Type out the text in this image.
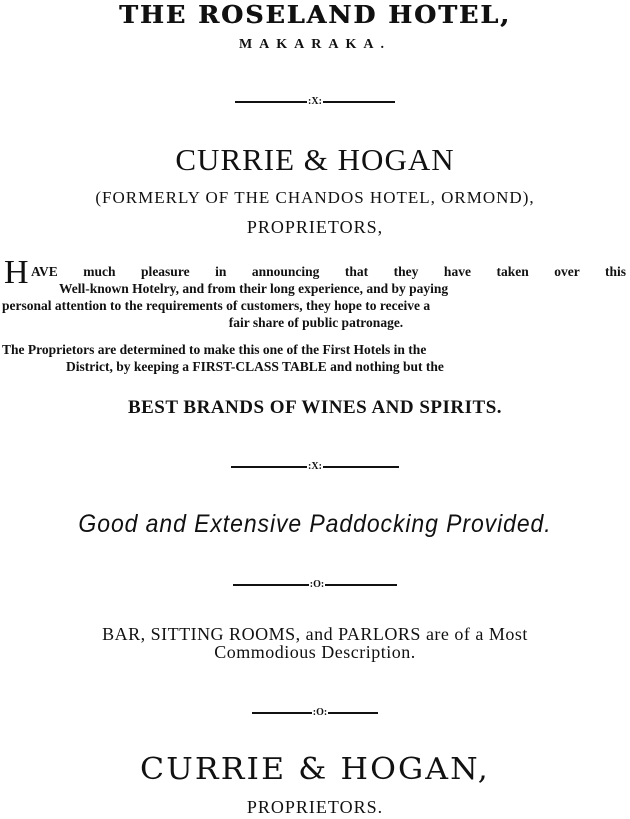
THE ROSELAND HOTEL,
MAKARAKA.
:X:
CURRIE & HOGAN
(FORMERLY OF THE CHANDOS HOTEL, ORMOND),
PROPRIETORS,
H AVE much pleasure in announcing that they have taken over this
Well-known Hotelry, and from their long experience, and by paying
personal attention to the requirements of customers, they hope to receive a
fair share of public patronage.
The Proprietors are determined to make this one of the First Hotels in the
District, by keeping a FIRST-CLASS TABLE and nothing but the
BEST BRANDS OF WINES AND SPIRITS.
:X:
Good and Extensive Paddocking Provided.
:O:
BAR, SITTING ROOMS, and PARLORS are of a Most
Commodious Description.
:O:
CURRIE & HOGAN,
PROPRIETORS.
